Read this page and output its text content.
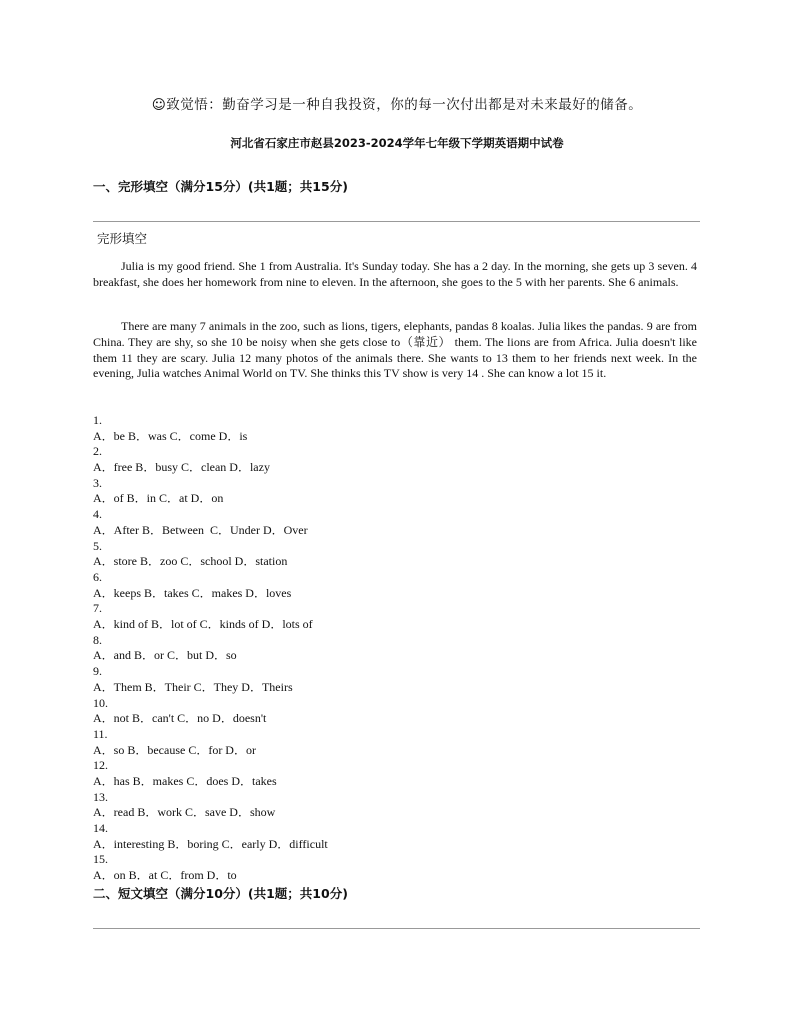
☺致觉悟：勤奋学习是一种自我投资，你的每一次付出都是对未来最好的储备。
河北省石家庄市赵县2023-2024学年七年级下学期英语期中试卷
一、完形填空（满分15分）(共1题；共15分)
完形填空

Julia is my good friend. She 1 from Australia. It's Sunday today. She has a 2 day. In the morning, she gets up 3 seven. 4 breakfast, she does her homework from nine to eleven. In the afternoon, she goes to the 5 with her parents. She 6 animals.

There are many 7 animals in the zoo, such as lions, tigers, elephants, pandas 8 koalas. Julia likes the pandas. 9 are from China. They are shy, so she 10 be noisy when she gets close to（靠近） them. The lions are from Africa. Julia doesn't like them 11 they are scary. Julia 12 many photos of the animals there. She wants to 13 them to her friends next week. In the evening, Julia watches Animal World on TV. She thinks this TV show is very 14 . She can know a lot 15 it.

1.
A．be B．was C．come D．is
2.
A．free B．busy C．clean D．lazy
3.
A．of B．in C．at D．on
4.
A．After B．Between  C．Under D．Over
5.
A．store B．zoo C．school D．station
6.
A．keeps B．takes C．makes D．loves
7.
A．kind of B．lot of C．kinds of D．lots of
8.
A．and B．or C．but D．so
9.
A．Them B．Their C．They D．Theirs
10.
A．not B．can't C．no D．doesn't
11.
A．so B．because C．for D．or
12.
A．has B．makes C．does D．takes
13.
A．read B．work C．save D．show
14.
A．interesting B．boring C．early D．difficult
15.
A．on B．at C．from D．to
二、短文填空（满分10分）(共1题；共10分)
